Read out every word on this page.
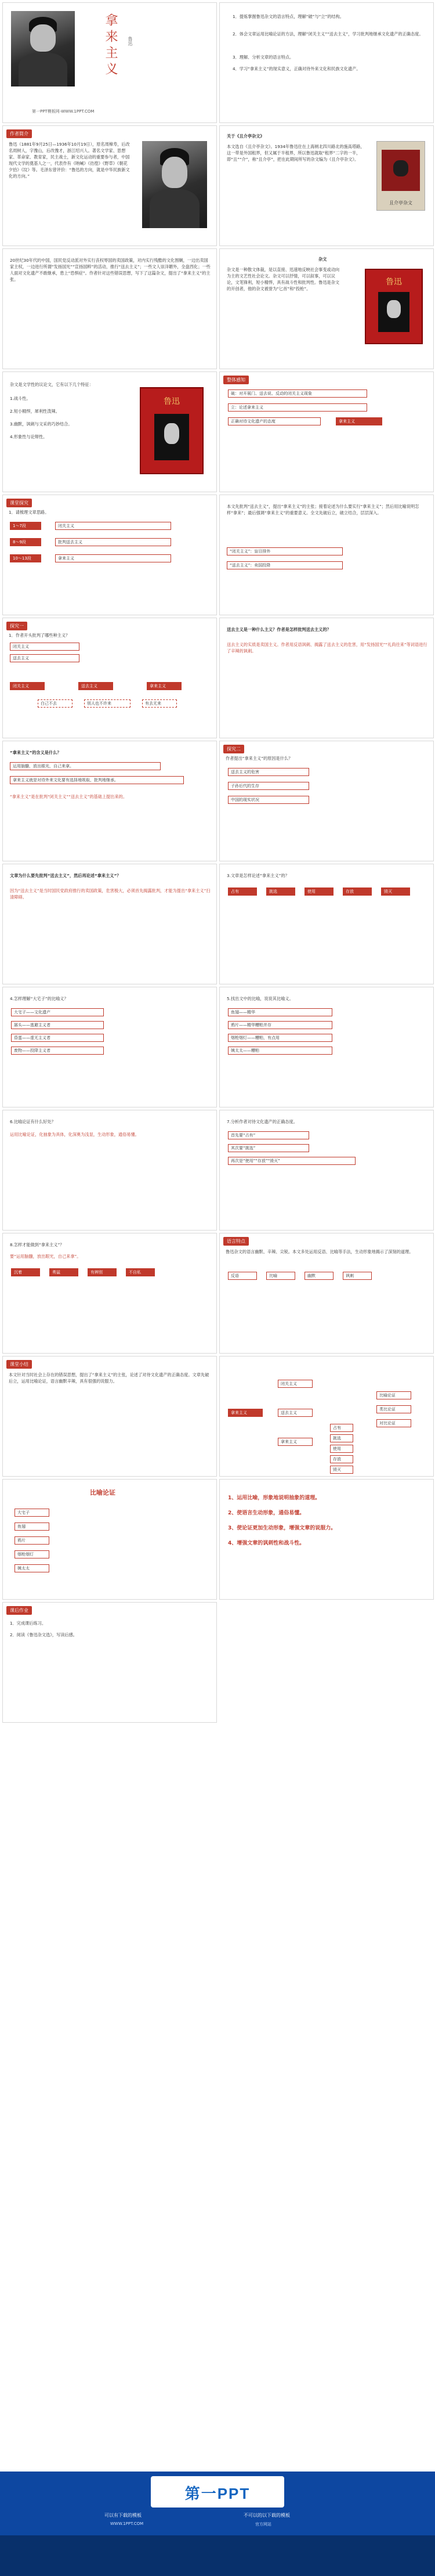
拿来主义	鲁迅
第一PPT模板网-WWW.1PPT.COM
1．提炼掌握鲁迅杂文的语言特点，理解“破”与“立”的结构。
2．体会文章运用比喻论证的方法，理解“闭关主义”“送去主义”，学习批判地继承文化遗产的正确态度。
3．理解、分析文章的语言特点。
4．学习“拿来主义”的现实意义，正确对待外来文化和民族文化遗产。
作者简介
鲁迅（1881年9月25日—1936年10月19日），原名周樟寿，后改名周树人，字豫山，后改豫才，浙江绍兴人。著名文学家、思想家、革命家、教育家，民主战士，新文化运动的重要参与者，中国现代文学的奠基人之一，代表作有《呐喊》《彷徨》《野草》《朝花夕拾》《坟》等。毛泽东曾评价：“鲁迅的方向，就是中华民族新文化的方向。”
关于《且介亭杂文》
本文选自《且介亭杂文》。1934年鲁迅住在上海闸北四川路北的施高塔路，这一带是外国租界，但又属于半租界，所以鲁迅就取“租界”二字的一半，即“且”“介”，称“且介亭”，把在此期间所写的杂文编为《且介亭杂文》。
且介亭杂文
20世纪30年代的中国，国民党反动派对外实行丧权辱国的卖国政策，对内实行残酷的文化围剿，一边出卖国家主权，一边进行所谓“发扬国光”“宣扬国粹”的活动，推行“送去主义”；一些文人崇洋媚外，全盘西化；一些人面对文化遗产不敢继承，患上“恐惧症”。作者针对这些错误思想，写下了这篇杂文，提出了“拿来主义”的主张。
杂文
杂文是一种散文体裁，是以直接、迅速地反映社会事变或动向为主的文艺性社会论文。杂文可以抒情，可以叙事，可以议论，文笔锋利，短小精悍，具有战斗性和批判性。鲁迅是杂文的开创者，他的杂文被誉为“匕首”和“投枪”。
鲁迅
杂文是文学性的议论文，它有以下几个特征：
1.战斗性。
2.短小精悍，犀利性泼辣。
3.幽默，讽刺与文采的巧妙结合。
4.形象性与论辩性。
鲁迅
整体感知
破：对开展门、送去说、反动的闭关主义现象
立：论述拿来主义
正确对待文化遗产的态度	拿来主义
课堂探究
1．请梳理文章思路。
1～7段	闭关主义
8～9段	批判送去主义
10～13段	拿来主义
本文先批判“送去主义”，提出“拿来主义”的主张；接着论述为什么要实行“拿来主义”；然后用比喻说明怎样“拿来”；最后强调“拿来主义”的重要意义。全文先破后立，破立结合，层层深入。
“闭关主义”：盲目排外
“送去主义”：卖国投降
探究一
1．作者开头批判了哪些种主义？
闭关主义
送去主义
闭关主义	送去主义	拿来主义
白己不去	别人也不许来	有去无来
送去主义是一种什么主义？作者是怎样批判送去主义的？
送去主义的实质是卖国主义。作者用反语讽刺、揭露了送去主义的危害，用“发扬国光”“礼尚往来”等词语进行了辛辣的讽刺。
“拿来主义”的含义是什么？
运用脑髓，放出眼光，自己来拿。
拿来主义就是对待外来文化要有选择地吸取，批判地继承。
“拿来主义”是在批判“闭关主义”“送去主义”的基础上提出来的。
探究二
作者提出“拿来主义”的原因是什么？
送去主义的危害
子孙后代的生存
中国的现实状况
文章为什么要先批判“送去主义”，然后再论述“拿来主义”？
因为“送去主义”是当时国民党政府推行的卖国政策，危害极大，必须首先揭露批判，才能为提出“拿来主义”扫清障碍。
3.文章是怎样论述“拿来主义”的？
占有	挑选	使用	存放	毁灭
4.怎样理解“大宅子”的比喻义？
大宅子——文化遗产
孱头——逃避主义者
昏蛋——虚无主义者
废物——投降主义者
5.找出文中的比喻，说说其比喻义。
鱼翅——精华
鸦片——精华糟粕并存
烟枪烟灯——糟粕，有点用
姨太太——糟粕
6.比喻论证有什么好处？
运用比喻论证，化抽象为具体，化深奥为浅显，生动形象，通俗易懂。
7.分析作者对待文化遗产的正确态度。
首先要“占有”
其次要“挑选”
再次是“使用”“存放”“毁灭”
8.怎样才能做到“拿来主义”？
要“运用脑髓，放出眼光，自己来拿”。
沉着	勇猛	有辨别	不自私
语言特点
鲁迅杂文的语言幽默、辛辣、尖锐。本文多处运用反语、比喻等手法，生动形象地揭示了深刻的道理。
反语	比喻	幽默	讽刺
课堂小结
本文针对当时社会上存在的错误思想，提出了“拿来主义”的主张，论述了对待文化遗产的正确态度。文章先破后立，运用比喻论证，语言幽默辛辣，具有很强的说服力。
拿来主义
闭关主义
送去主义
拿来主义
占有
挑选
使用
存放
毁灭
比喻论证
类比论证
对比论证
比喻论证
大宅子
鱼翅
鸦片
烟枪烟灯
姨太太
1、运用比喻，形象地说明抽象的道理。
2、使语言生动形象，通俗易懂。
3、使论证更加生动形象，增强文章的说服力。
4、增强文章的讽刺性和战斗性。
课后作业
1．完成课后练习。
2．阅读《鲁迅杂文选》，写读后感。
第一PPT
可以有下载的模板	不可以的以下载的模板
WWW.1PPT.COM	官方网站
